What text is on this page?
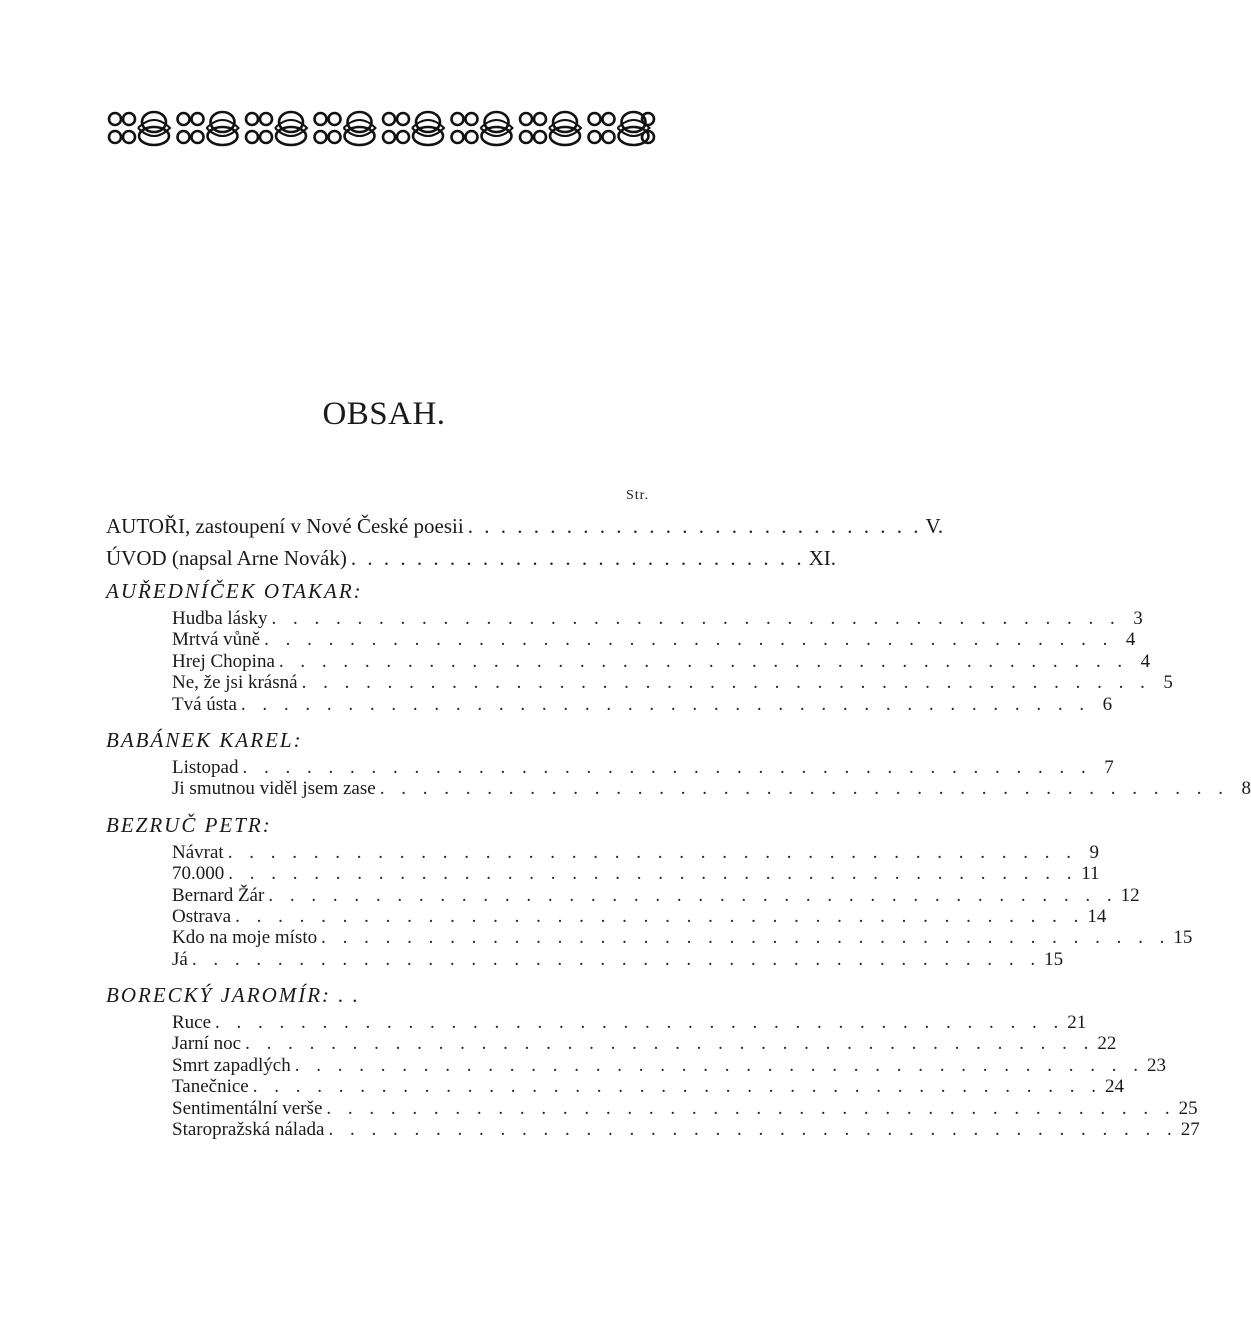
OBSAH.
Str.
AUTOŘI, zastoupení v Nové České poesii . . . . . . . . . . . . . . . . . . . . . . . . . . . . V.
ÚVOD (napsal Arne Novák) . . . . . . . . . . . . . . . . . . . . . . . . . . . . XI.
AUŘEDNÍČEK OTAKAR:
Hudba lásky . . . . . . . . . . . . . . . . . . . . . . . . . . . . . . . . . . . . . . . . 3
Mrtvá vůně . . . . . . . . . . . . . . . . . . . . . . . . . . . . . . . . . . . . . . . . 4
Hrej Chopina . . . . . . . . . . . . . . . . . . . . . . . . . . . . . . . . . . . . . . . . 4
Ne, že jsi krásná . . . . . . . . . . . . . . . . . . . . . . . . . . . . . . . . . . . . . . . . 5
Tvá ústa . . . . . . . . . . . . . . . . . . . . . . . . . . . . . . . . . . . . . . . . 6
BABÁNEK KAREL:
Listopad . . . . . . . . . . . . . . . . . . . . . . . . . . . . . . . . . . . . . . . . 7
Ji smutnou viděl jsem zase . . . . . . . . . . . . . . . . . . . . . . . . . . . . . . . . . . . . . . . . 8
BEZRUČ PETR:
Návrat . . . . . . . . . . . . . . . . . . . . . . . . . . . . . . . . . . . . . . . . 9
70.000 . . . . . . . . . . . . . . . . . . . . . . . . . . . . . . . . . . . . . . . . 11
Bernard Žár . . . . . . . . . . . . . . . . . . . . . . . . . . . . . . . . . . . . . . . . 12
Ostrava . . . . . . . . . . . . . . . . . . . . . . . . . . . . . . . . . . . . . . . . 14
Kdo na moje místo . . . . . . . . . . . . . . . . . . . . . . . . . . . . . . . . . . . . . . . . 15
Já . . . . . . . . . . . . . . . . . . . . . . . . . . . . . . . . . . . . . . . . 15
BORECKÝ JAROMÍR: . .
Ruce . . . . . . . . . . . . . . . . . . . . . . . . . . . . . . . . . . . . . . . . 21
Jarní noc . . . . . . . . . . . . . . . . . . . . . . . . . . . . . . . . . . . . . . . . 22
Smrt zapadlých . . . . . . . . . . . . . . . . . . . . . . . . . . . . . . . . . . . . . . . . 23
Tanečnice . . . . . . . . . . . . . . . . . . . . . . . . . . . . . . . . . . . . . . . . 24
Sentimentální verše . . . . . . . . . . . . . . . . . . . . . . . . . . . . . . . . . . . . . . . . 25
Staropražská nálada . . . . . . . . . . . . . . . . . . . . . . . . . . . . . . . . . . . . . . . . 27
